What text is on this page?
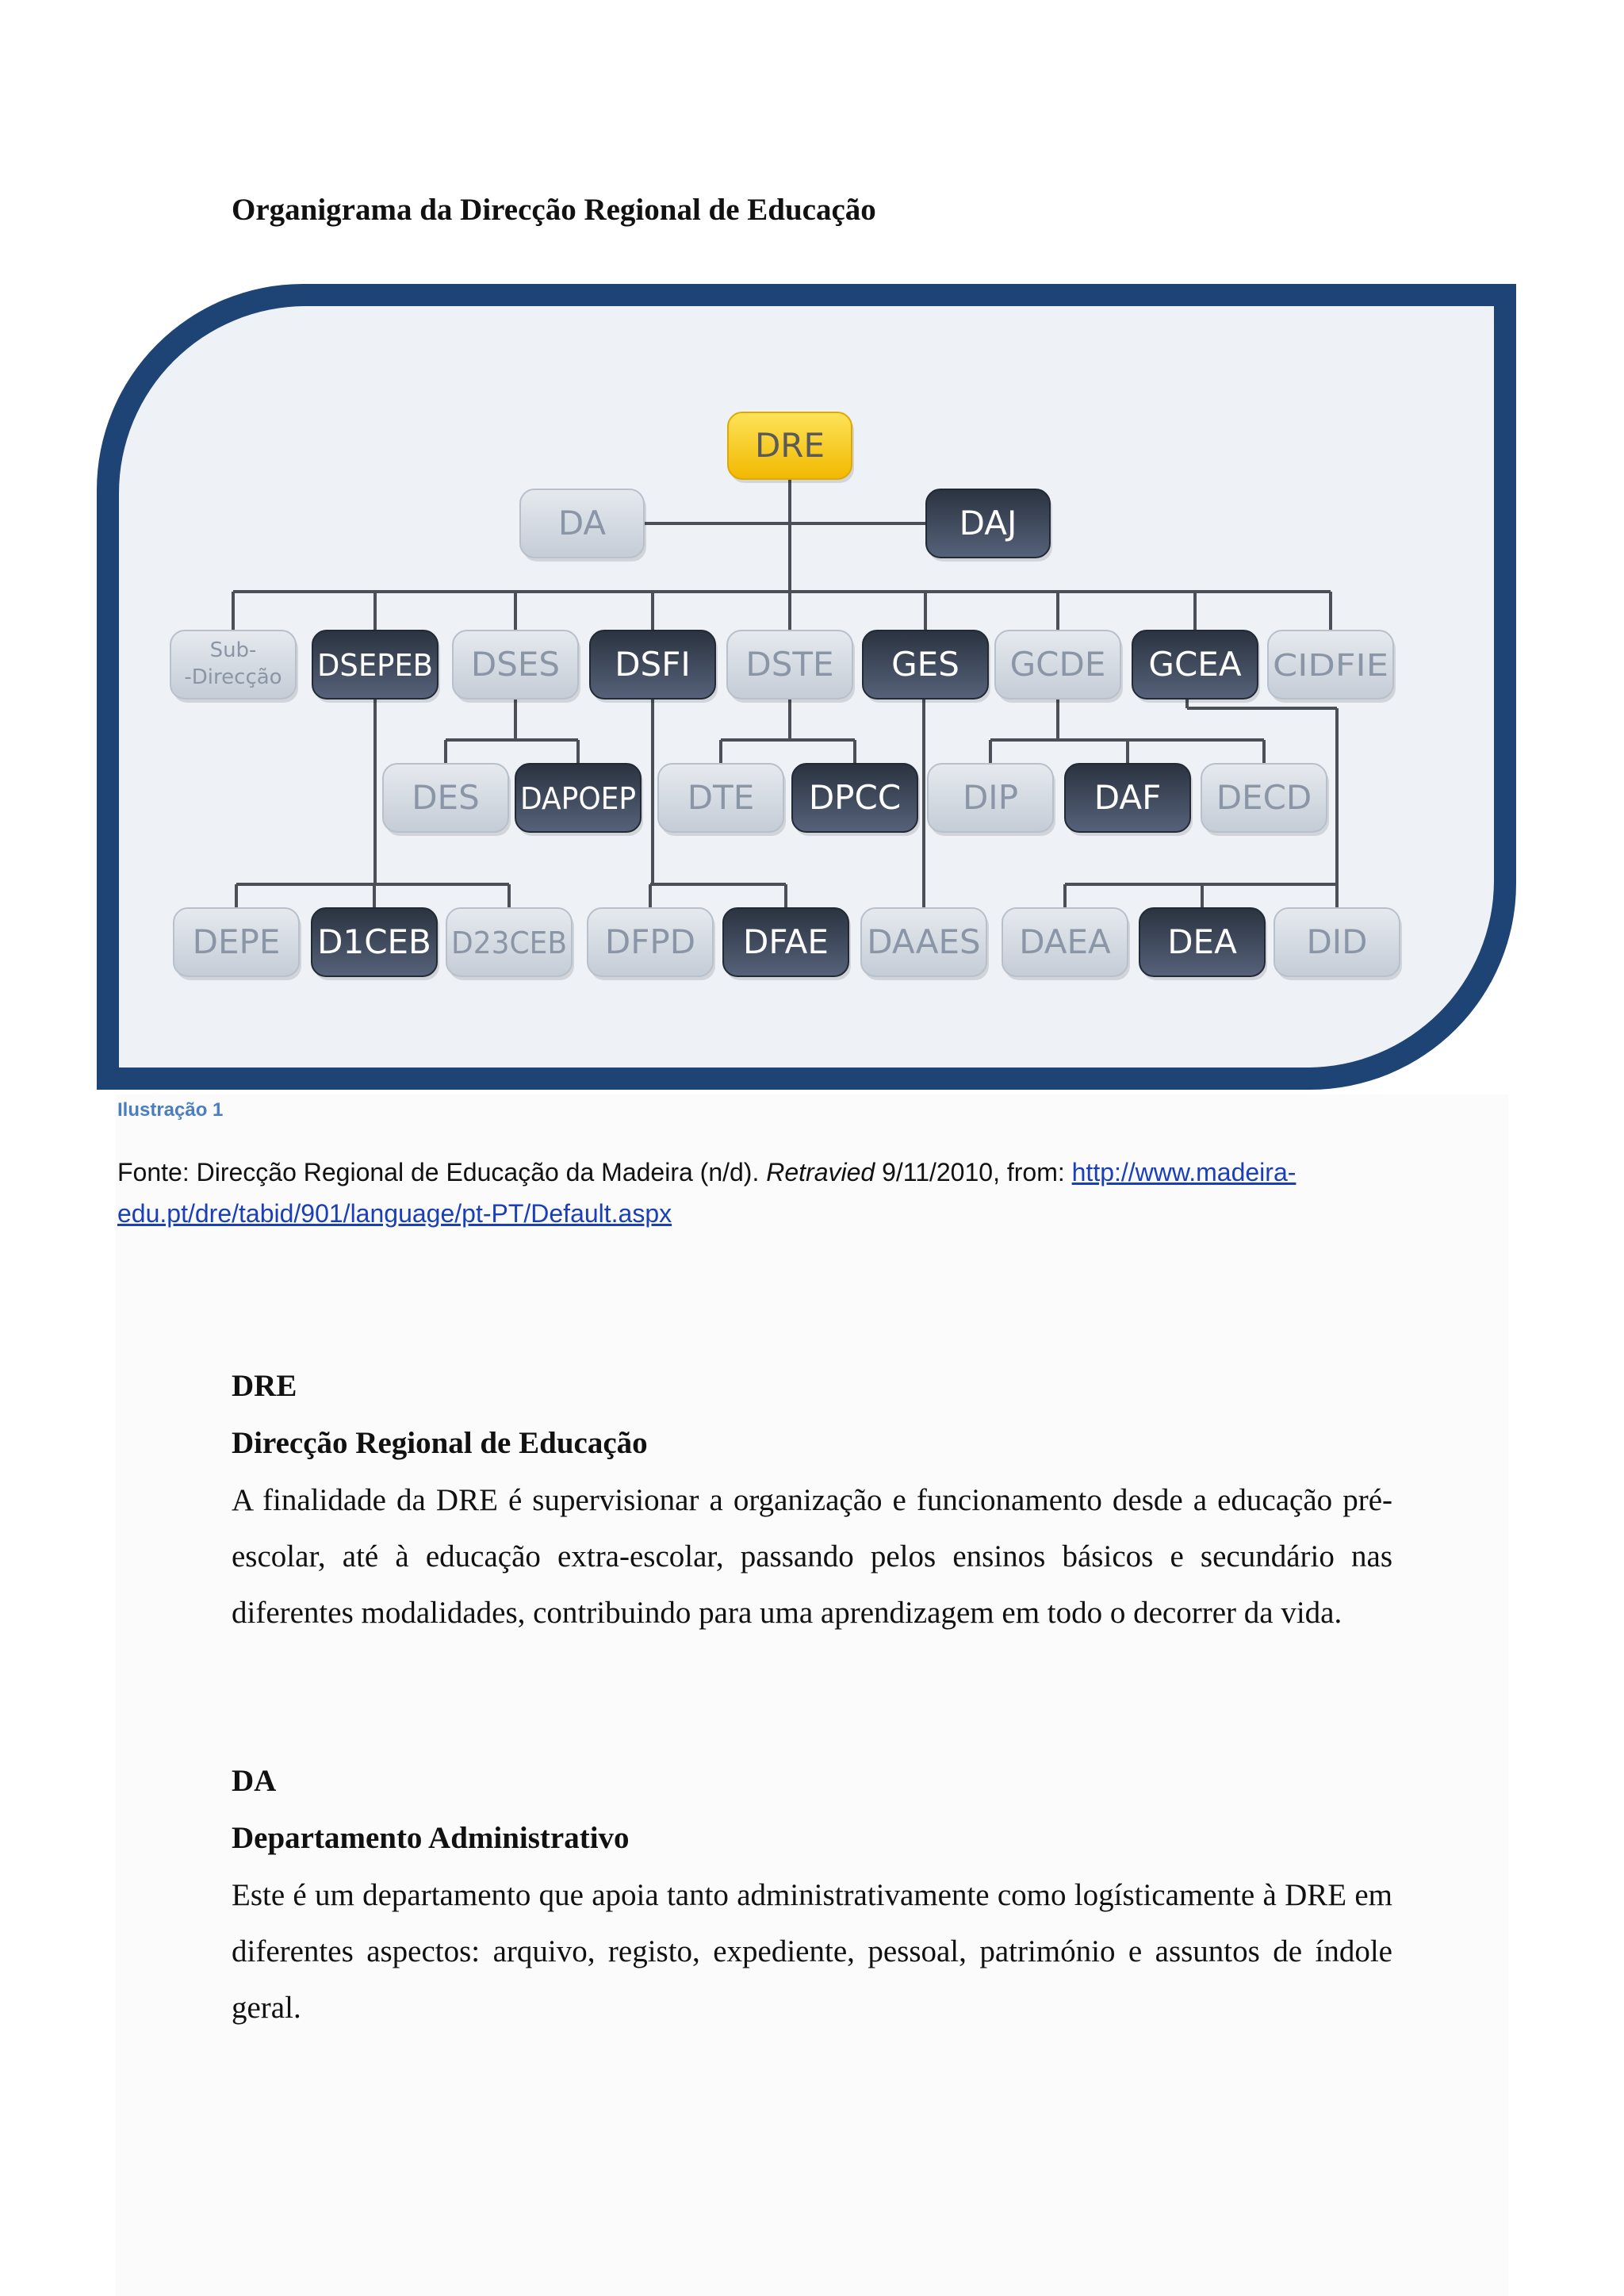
Organigrama da Direcção Regional de Educação
DRE
DA	DAJ
Sub-
-Direcção DSEPEB DSES DSFI DSTE GES GCDE GCEA CIDFIE
DES DAPOEP DTE DPCC DIP DAF DECD
DEPE D1CEB D23CEB DFPD DFAE DAAES DAEA DEA DID
Ilustração 1
Fonte: Direcção Regional de Educação da Madeira (n/d). Retravied 9/11/2010, from: http://www.madeira-edu.pt/dre/tabid/901/language/pt-PT/Default.aspx
DRE
Direcção Regional de Educação
A finalidade da DRE é supervisionar a organização e funcionamento desde a educação pré-escolar, até à educação extra-escolar, passando pelos ensinos básicos e secundário nas diferentes modalidades, contribuindo para uma aprendizagem em todo o decorrer da vida.
DA
Departamento Administrativo
Este é um departamento que apoia tanto administrativamente como logísticamente à DRE em diferentes aspectos: arquivo, registo, expediente, pessoal, património e assuntos de índole geral.
